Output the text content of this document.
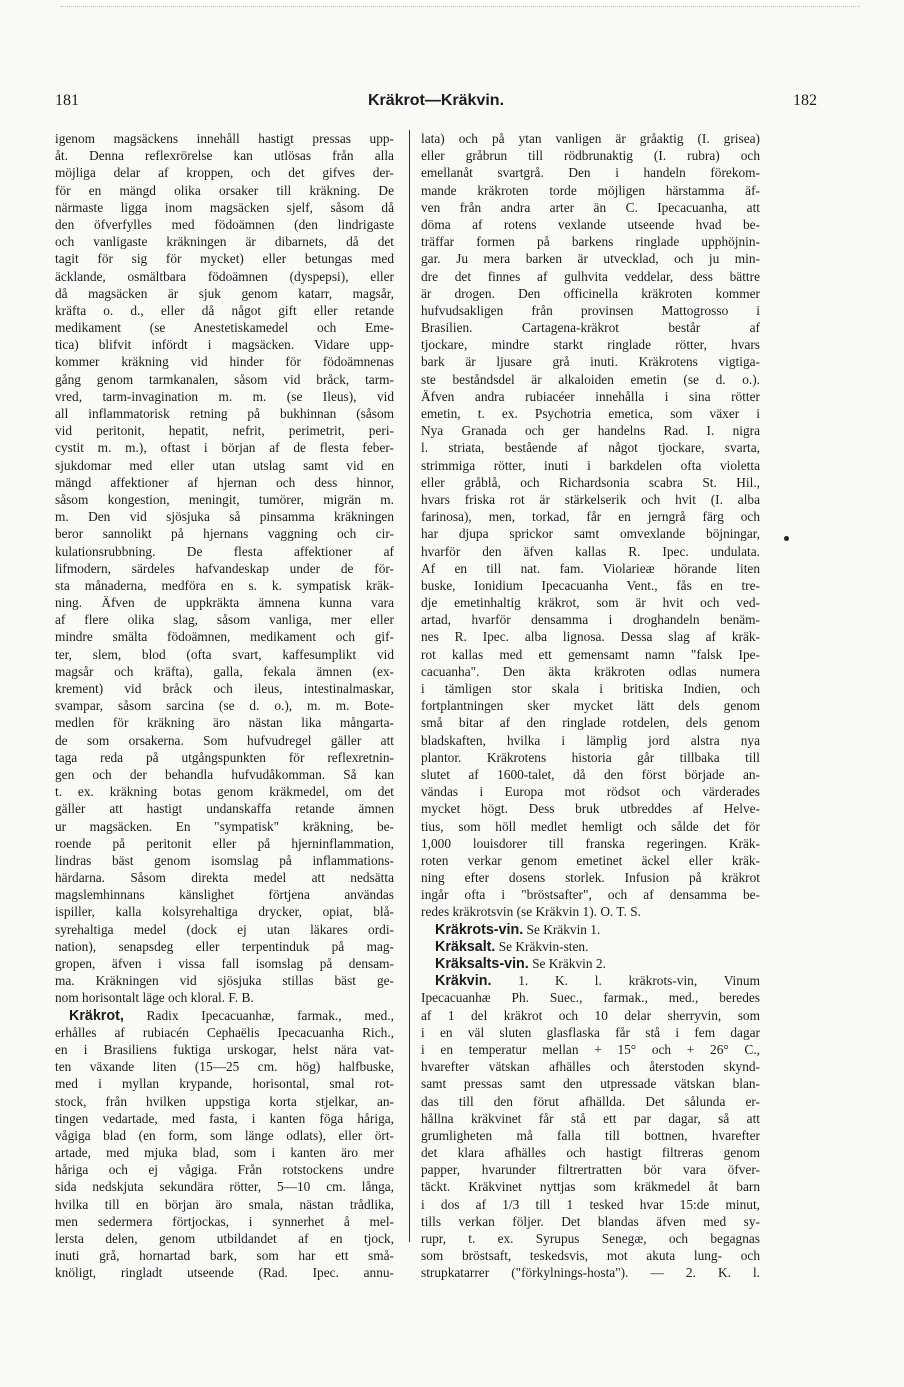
181	Kräkrot—Kräkvin.	182
igenom magsäckens innehåll hastigt pressas upp-
åt. Denna reflexrörelse kan utlösas från alla
möjliga delar af kroppen, och det gifves der-
för en mängd olika orsaker till kräkning. De
närmaste ligga inom magsäcken sjelf, såsom då
den öfverfylles med födoämnen (den lindrigaste
och vanligaste kräkningen är dibarnets, då det
tagit för sig för mycket) eller betungas med
äcklande, osmältbara födoämnen (dyspepsi), eller
då magsäcken är sjuk genom katarr, magsår,
kräfta o. d., eller då något gift eller retande
medikament (se Anestetiskamedel och Eme-
tica) blifvit infördt i magsäcken. Vidare upp-
kommer kräkning vid hinder för födoämnenas
gång genom tarmkanalen, såsom vid bråck, tarm-
vred, tarm-invagination m. m. (se Ileus), vid
all inflammatorisk retning på bukhinnan (såsom
vid peritonit, hepatit, nefrit, perimetrit, peri-
cystit m. m.), oftast i början af de flesta feber-
sjukdomar med eller utan utslag samt vid en
mängd affektioner af hjernan och dess hinnor,
såsom kongestion, meningit, tumörer, migrän m.
m. Den vid sjösjuka så pinsamma kräkningen
beror sannolikt på hjernans vaggning och cir-
kulationsrubbning. De flesta affektioner af
lifmodern, särdeles hafvandeskap under de för-
sta månaderna, medföra en s. k. sympatisk kräk-
ning. Äfven de uppkräkta ämnena kunna vara
af flere olika slag, såsom vanliga, mer eller
mindre smälta födoämnen, medikament och gif-
ter, slem, blod (ofta svart, kaffesumplikt vid
magsår och kräfta), galla, fekala ämnen (ex-
krement) vid bråck och ileus, intestinalmaskar,
svampar, såsom sarcina (se d. o.), m. m. Bote-
medlen för kräkning äro nästan lika mångarta-
de som orsakerna. Som hufvudregel gäller att
taga reda på utgångspunkten för reflexretnin-
gen och der behandla hufvudåkomman. Så kan
t. ex. kräkning botas genom kräkmedel, om det
gäller att hastigt undanskaffa retande ämnen
ur magsäcken. En "sympatisk" kräkning, be-
roende på peritonit eller på hjerninflammation,
lindras bäst genom isomslag på inflammations-
härdarna. Såsom direkta medel att nedsätta
magslemhinnans känslighet förtjena användas
ispiller, kalla kolsyrehaltiga drycker, opiat, blå-
syrehaltiga medel (dock ej utan läkares ordi-
nation), senapsdeg eller terpentinduk på mag-
gropen, äfven i vissa fall isomslag på densam-
ma. Kräkningen vid sjösjuka stillas bäst ge-
nom horisontalt läge och kloral. F. B.
Kräkrot, Radix Ipecacuanhæ, farmak., med.,
erhålles af rubiacén Cephaëlis Ipecacuanha Rich.,
en i Brasiliens fuktiga urskogar, helst nära vat-
ten växande liten (15—25 cm. hög) halfbuske,
med i myllan krypande, horisontal, smal rot-
stock, från hvilken uppstiga korta stjelkar, an-
tingen vedartade, med fasta, i kanten föga håriga,
vågiga blad (en form, som länge odlats), eller ört-
artade, med mjuka blad, som i kanten äro mer
håriga och ej vågiga. Från rotstockens undre
sida nedskjuta sekundära rötter, 5—10 cm. långa,
hvilka till en början äro smala, nästan trådlika,
men sedermera förtjockas, i synnerhet å mel-
lersta delen, genom utbildandet af en tjock,
inuti grå, hornartad bark, som har ett små-
knöligt, ringladt utseende (Rad. Ipec. annu-
lata) och på ytan vanligen är gråaktig (I. grisea)
eller gråbrun till rödbrunaktig (I. rubra) och
emellanåt svartgrå. Den i handeln förekom-
mande kräkroten torde möjligen härstamma äf-
ven från andra arter än C. Ipecacuanha, att
döma af rotens vexlande utseende hvad be-
träffar formen på barkens ringlade upphöjnin-
gar. Ju mera barken är utvecklad, och ju min-
dre det finnes af gulhvita veddelar, dess bättre
är drogen. Den officinella kräkroten kommer
hufvudsakligen från provinsen Mattogrosso i
Brasilien. Cartagena-kräkrot består af
tjockare, mindre starkt ringlade rötter, hvars
bark är ljusare grå inuti. Kräkrotens vigtiga-
ste beståndsdel är alkaloiden emetin (se d. o.).
Äfven andra rubiacéer innehålla i sina rötter
emetin, t. ex. Psychotria emetica, som växer i
Nya Granada och ger handelns Rad. I. nigra
l. striata, bestående af något tjockare, svarta,
strimmiga rötter, inuti i barkdelen ofta violetta
eller gråblå, och Richardsonia scabra St. Hil.,
hvars friska rot är stärkelserik och hvit (I. alba
farinosa), men, torkad, får en jerngrå färg och
har djupa sprickor samt omvexlande böjningar,
hvarför den äfven kallas R. Ipec. undulata.
Af en till nat. fam. Violarieæ hörande liten
buske, Ionidium Ipecacuanha Vent., fås en tre-
dje emetinhaltig kräkrot, som är hvit och ved-
artad, hvarför densamma i droghandeln benäm-
nes R. Ipec. alba lignosa. Dessa slag af kräk-
rot kallas med ett gemensamt namn "falsk Ipe-
cacuanha". Den äkta kräkroten odlas numera
i tämligen stor skala i britiska Indien, och
fortplantningen sker mycket lätt dels genom
små bitar af den ringlade rotdelen, dels genom
bladskaften, hvilka i lämplig jord alstra nya
plantor. Kräkrotens historia går tillbaka till
slutet af 1600-talet, då den först började an-
vändas i Europa mot rödsot och värderades
mycket högt. Dess bruk utbreddes af Helve-
tius, som höll medlet hemligt och sålde det för
1,000 louisdorer till franska regeringen. Kräk-
roten verkar genom emetinet äckel eller kräk-
ning efter dosens storlek. Infusion på kräkrot
ingår ofta i "bröstsafter", och af densamma be-
redes kräkrotsvin (se Kräkvin 1). O. T. S.
Kräkrots-vin. Se Kräkvin 1.
Kräksalt. Se Kräkvin-sten.
Kräksalts-vin. Se Kräkvin 2.
Kräkvin. 1. K. l. kräkrots-vin, Vinum
Ipecacuanhæ Ph. Suec., farmak., med., beredes
af 1 del kräkrot och 10 delar sherryvin, som
i en väl sluten glasflaska får stå i fem dagar
i en temperatur mellan + 15° och + 26° C.,
hvarefter vätskan afhälles och återstoden skynd-
samt pressas samt den utpressade vätskan blan-
das till den förut afhällda. Det sålunda er-
hållna kräkvinet får stå ett par dagar, så att
grumligheten må falla till bottnen, hvarefter
det klara afhälles och hastigt filtreras genom
papper, hvarunder filtrertratten bör vara öfver-
täckt. Kräkvinet nyttjas som kräkmedel åt barn
i dos af 1/3 till 1 tesked hvar 15:de minut,
tills verkan följer. Det blandas äfven med sy-
rupr, t. ex. Syrupus Senegæ, och begagnas
som bröstsaft, teskedsvis, mot akuta lung- och
strupkatarrer ("förkylnings-hosta"). — 2. K. l.
